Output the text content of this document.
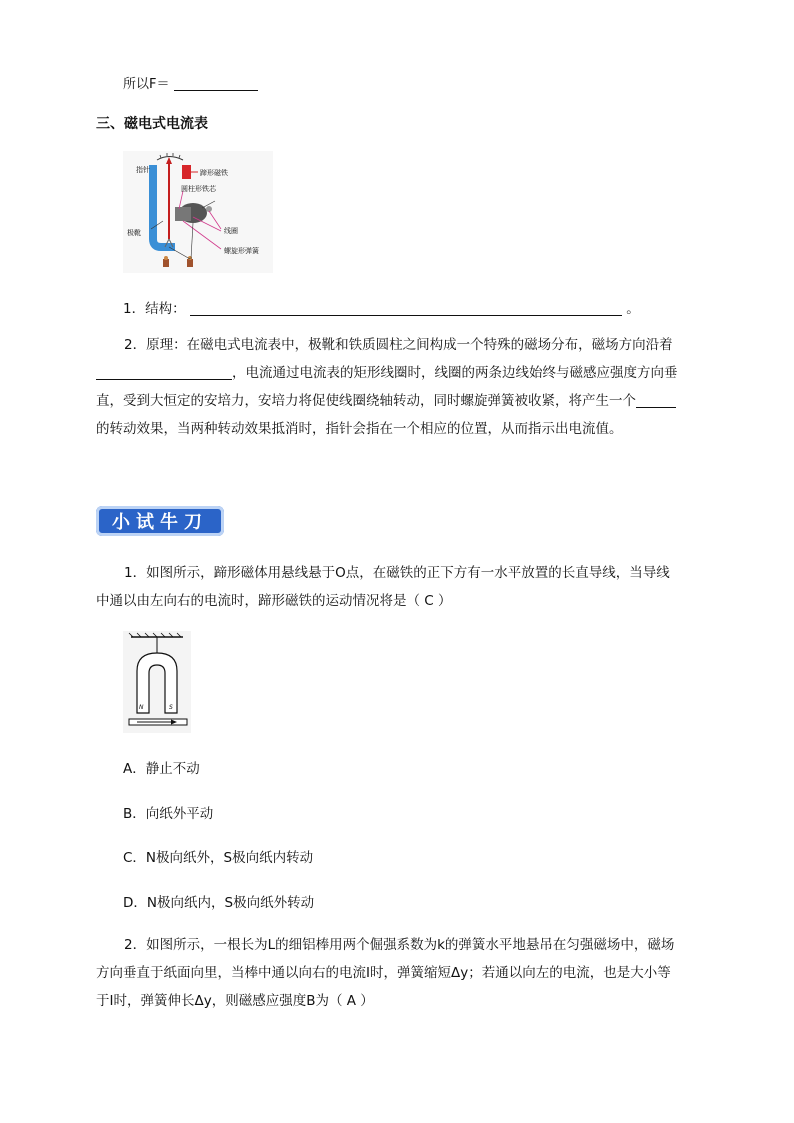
所以F＝
三、磁电式电流表
指针	蹄形磁铁
圆柱形铁芯
线圈
极靴
螺旋形弹簧
1．结构：	。
2．原理：在磁电式电流表中，极靴和铁质圆柱之间构成一个特殊的磁场分布，磁场方向沿着
，电流通过电流表的矩形线圈时，线圈的两条边线始终与磁感应强度方向垂
直，受到大恒定的安培力，安培力将促使线圈绕轴转动，同时螺旋弹簧被收紧，将产生一个
的转动效果，当两种转动效果抵消时，指针会指在一个相应的位置，从而指示出电流值。
小试牛刀
1．如图所示，蹄形磁体用悬线悬于O点，在磁铁的正下方有一水平放置的长直导线，当导线
中通以由左向右的电流时，蹄形磁铁的运动情况将是（ C ）
N	S
A．静止不动
B．向纸外平动
C．N极向纸外，S极向纸内转动
D．N极向纸内，S极向纸外转动
2．如图所示，一根长为L的细铝棒用两个倔强系数为k的弹簧水平地悬吊在匀强磁场中，磁场
方向垂直于纸面向里，当棒中通以向右的电流I时，弹簧缩短Δy；若通以向左的电流，也是大小等
于I时，弹簧伸长Δy，则磁感应强度B为（ A ）
